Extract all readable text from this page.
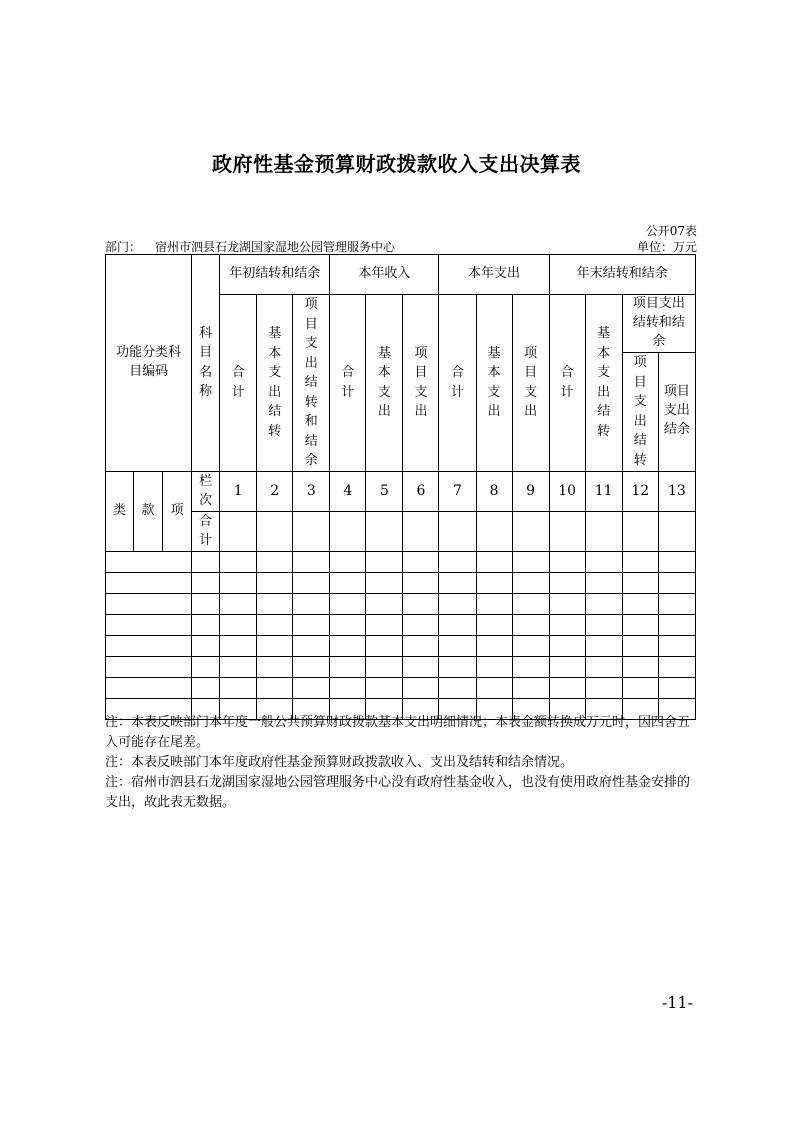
政府性基金预算财政拨款收入支出决算表
公开07表
部门： 宿州市泗县石龙湖国家湿地公园管理服务中心	单位：万元
功能分类科目编码			科目名称	年初结转和结余			本年收入			本年支出			年末结转和结余			

				合计	基本支出结转	项目支出结转和结余	合计	基本支出	项目支出	合计	基本支出	项目支出	合计	基本支出结转	项目支出结转和结余	

															项目支出结转	项目支出结余

类	款	项	栏次	1	2	3	4	5	6	7	8	9	10	11	12	13

			合计													

注：本表反映部门本年度一般公共预算财政拨款基本支出明细情况；本表金额转换成万元时，因四舍五入可能存在尾差。

注：本表反映部门本年度政府性基金预算财政拨款收入、支出及结转和结余情况。

注：宿州市泗县石龙湖国家湿地公园管理服务中心没有政府性基金收入，也没有使用政府性基金安排的支出，故此表无数据。

-11-
